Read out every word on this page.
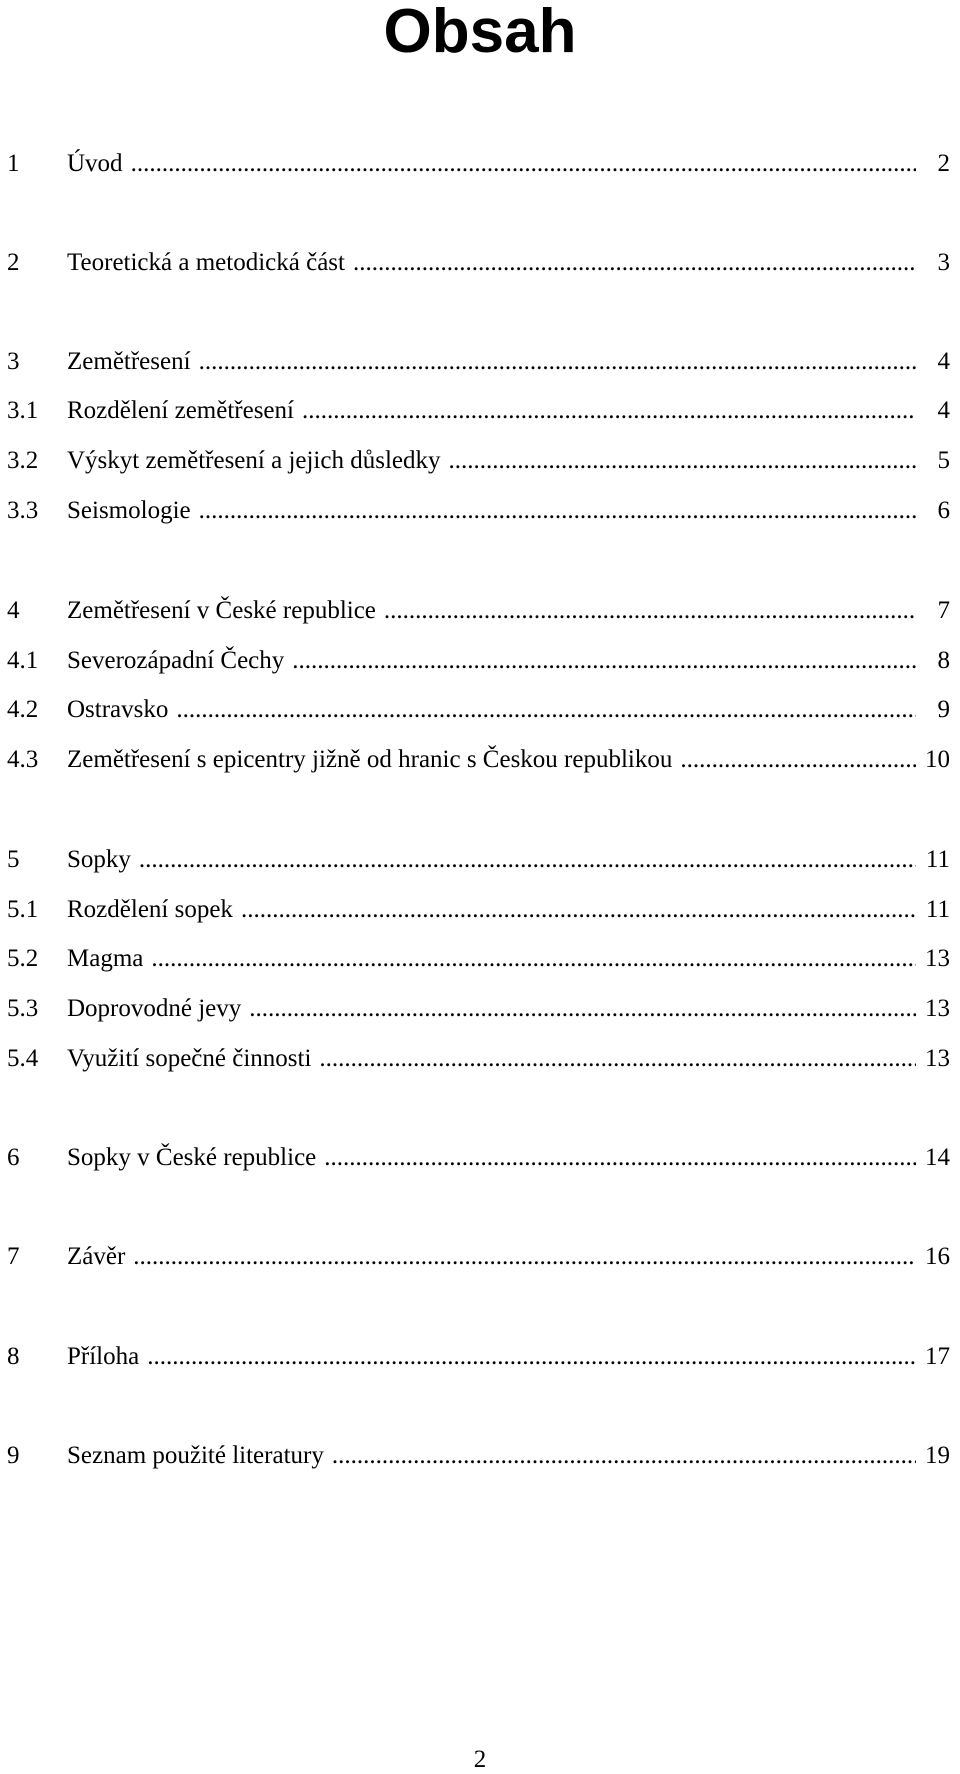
Obsah
1 Úvod .....	2
2 Teoretická a metodická část .....	3
3 Zemětřesení .....	4
3.1 Rozdělení zemětřesení .....	4
3.2 Výskyt zemětřesení a jejich důsledky .....	5
3.3 Seismologie .....	6
4 Zemětřesení v České republice .....	7
4.1 Severozápadní Čechy .....	8
4.2 Ostravsko .....	9
4.3 Zemětřesení s epicentry jižně od hranic s Českou republikou .....	10
5 Sopky .....	11
5.1 Rozdělení sopek .....	11
5.2 Magma .....	13
5.3 Doprovodné jevy .....	13
5.4 Využití sopečné činnosti .....	13
6 Sopky v České republice .....	14
7 Závěr .....	16
8 Příloha .....	17
9 Seznam použité literatury .....	19
2
